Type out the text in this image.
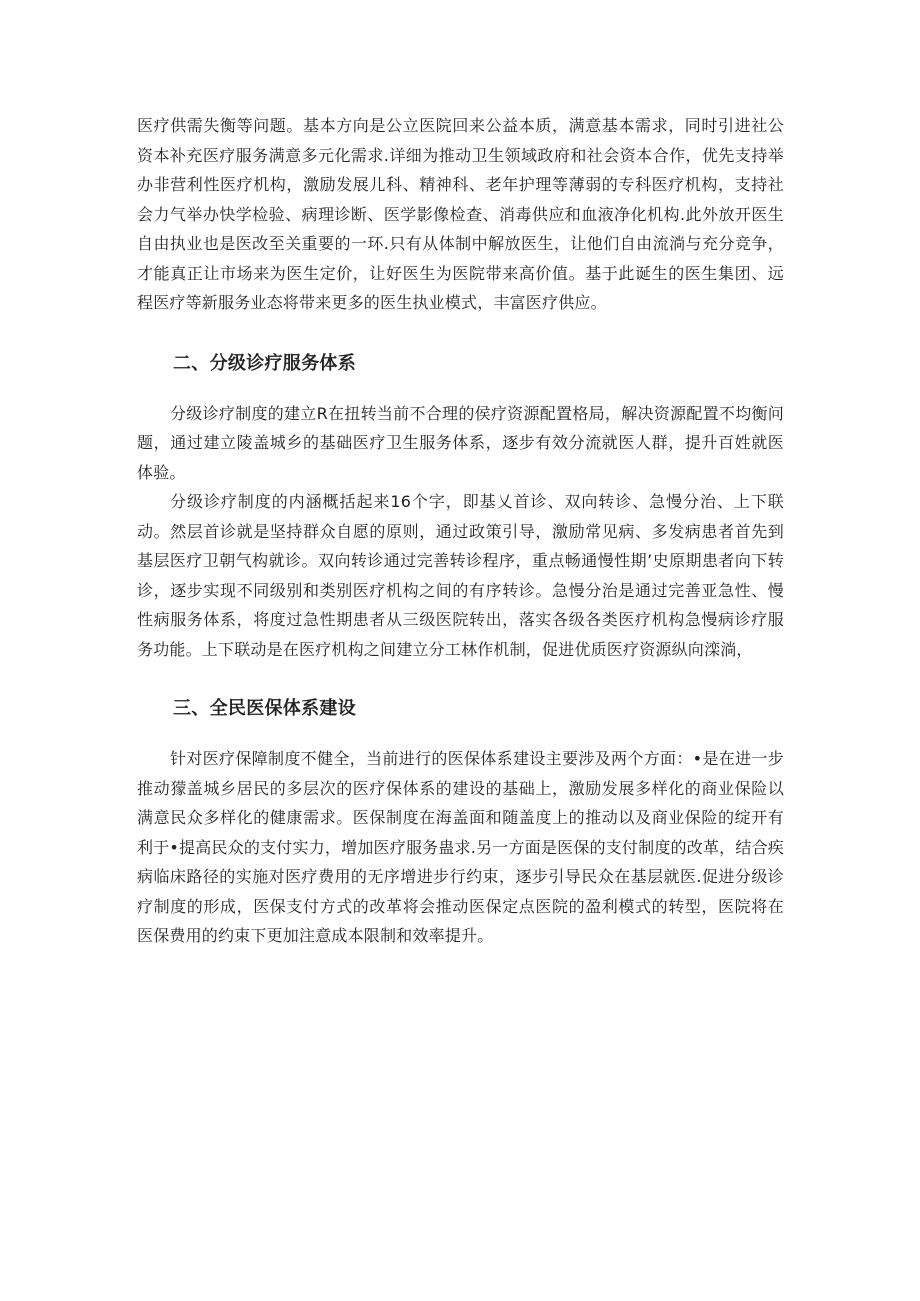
医疗供需失衡等问题。基本方向是公立医院回来公益本质，满意基本需求，同时引进社公资本补充医疗服务满意多元化需求.详细为推动卫生领域政府和社会资本合作，优先支持举办非营利性医疗机构，激励发展儿科、精神科、老年护理等薄弱的专科医疗机构，支持社会力气举办快学检验、病理诊断、医学影像检查、消毒供应和血液净化机构.此外放开医生自由执业也是医改至关重要的一环.只有从体制中解放医生，让他们自由流淌与充分竞争，才能真正让市场来为医生定价，让好医生为医院带来高价值。基于此诞生的医生集团、远程医疗等新服务业态将带来更多的医生执业模式，丰富医疗供应。

二、分级诊疗服务体系

分级诊疗制度的建立R在扭转当前不合理的侯疗资源配置格局，解决资源配置不均衡问题，通过建立陵盖城乡的基础医疗卫生服务体系，逐步有效分流就医人群，提升百姓就医体验。

分级诊疗制度的内涵概括起来16个字，即基乂首诊、双向转诊、急慢分治、上下联动。然层首诊就是坚持群众自愿的原则，通过政策引导，激励常见病、多发病患者首先到基层医疗卫朝气构就诊。双向转诊通过完善转诊程序，重点畅通慢性期’史原期患者向下转诊，逐步实现不同级别和类别医疗机构之间的有序转诊。急慢分治是通过完善亚急性、慢性病服务体系，将度过急性期患者从三级医院转出，落实各级各类医疗机构急慢病诊疗服务功能。上下联动是在医疗机构之间建立分工林作机制，促进优质医疗资源纵向滦淌，

三、全民医保体系建设

针对医疗保障制度不健全，当前进行的医保体系建设主要涉及两个方面：•是在进一步推动獴盖城乡居民的多层次的医疗保体系的建设的基础上，激励发展多样化的商业保险以满意民众多样化的健康需求。医保制度在海盖面和随盖度上的推动以及商业保险的绽开有利于•提高民众的支付实力，增加医疗服务蛊求.另一方面是医保的支付制度的改革，结合疾病临床路径的实施对医疗费用的无序增进步行约束，逐步引导民众在基层就医.促进分级诊疗制度的形成，医保支付方式的改革将会推动医保定点医院的盈利模式的转型，医院将在医保费用的约束下更加注意成本限制和效率提升。
